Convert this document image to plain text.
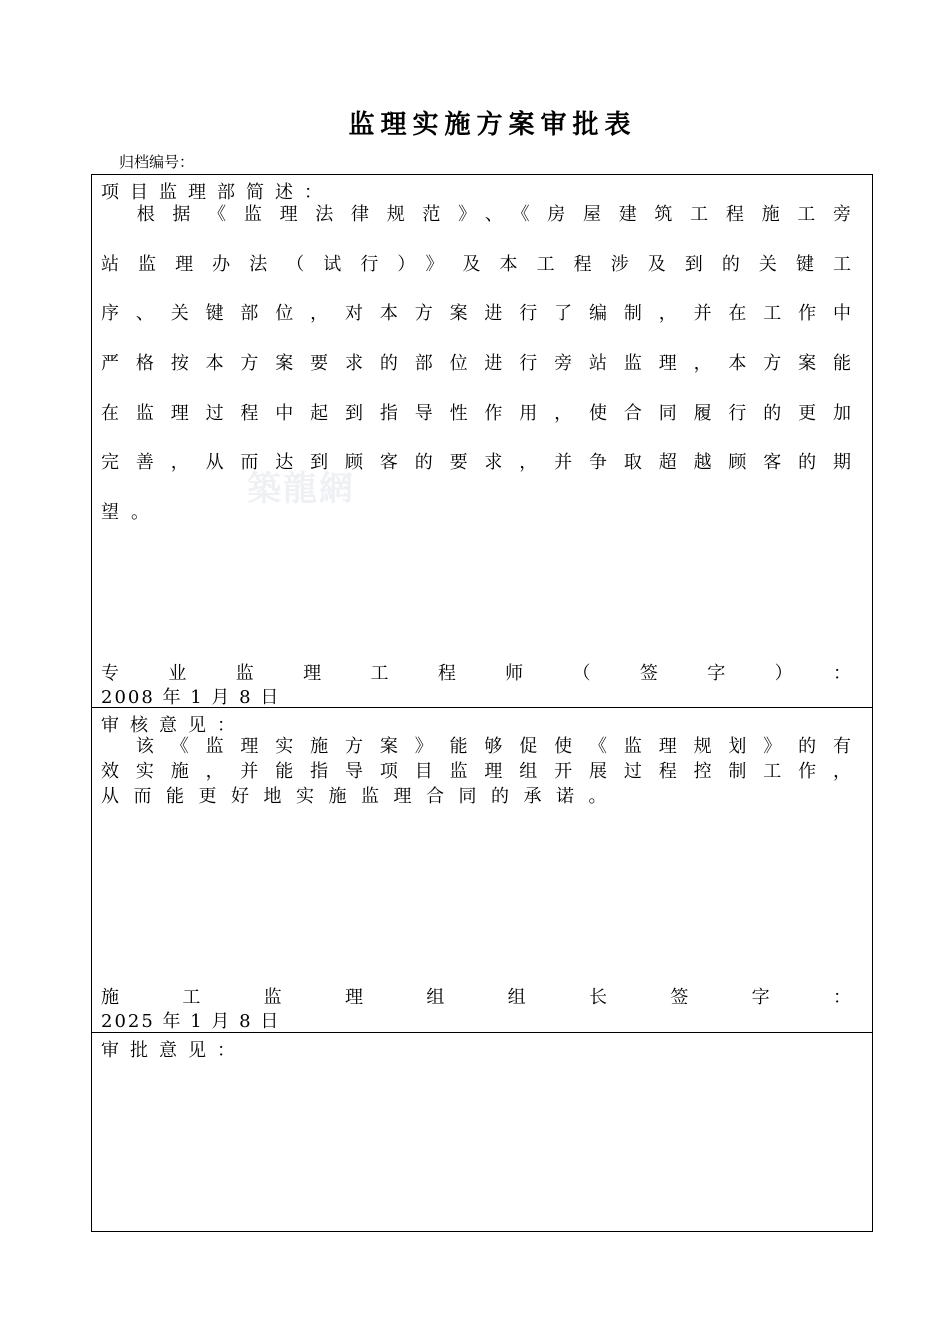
监理实施方案审批表
归档编号：
项目监理部简述：
築龍網
　根据《监理法律规范》、《房屋建筑工程施工旁
站监理办法（试行）》及本工程涉及到的关键工
序、关键部位，对本方案进行了编制，并在工作中
严格按本方案要求的部位进行旁站监理，本方案能
在监理过程中起到指导性作用，使合同履行的更加
完善，从而达到顾客的要求，并争取超越顾客的期
望。
专业监理工程师（签字）：
2008 年 1 月 8 日
审核意见：
　该《监理实施方案》能够促使《监理规划》的有
效实施，并能指导项目监理组开展过程控制工作，
从而能更好地实施监理合同的承诺。
施工监理组组长签字：
2025 年 1 月 8 日
审批意见：
